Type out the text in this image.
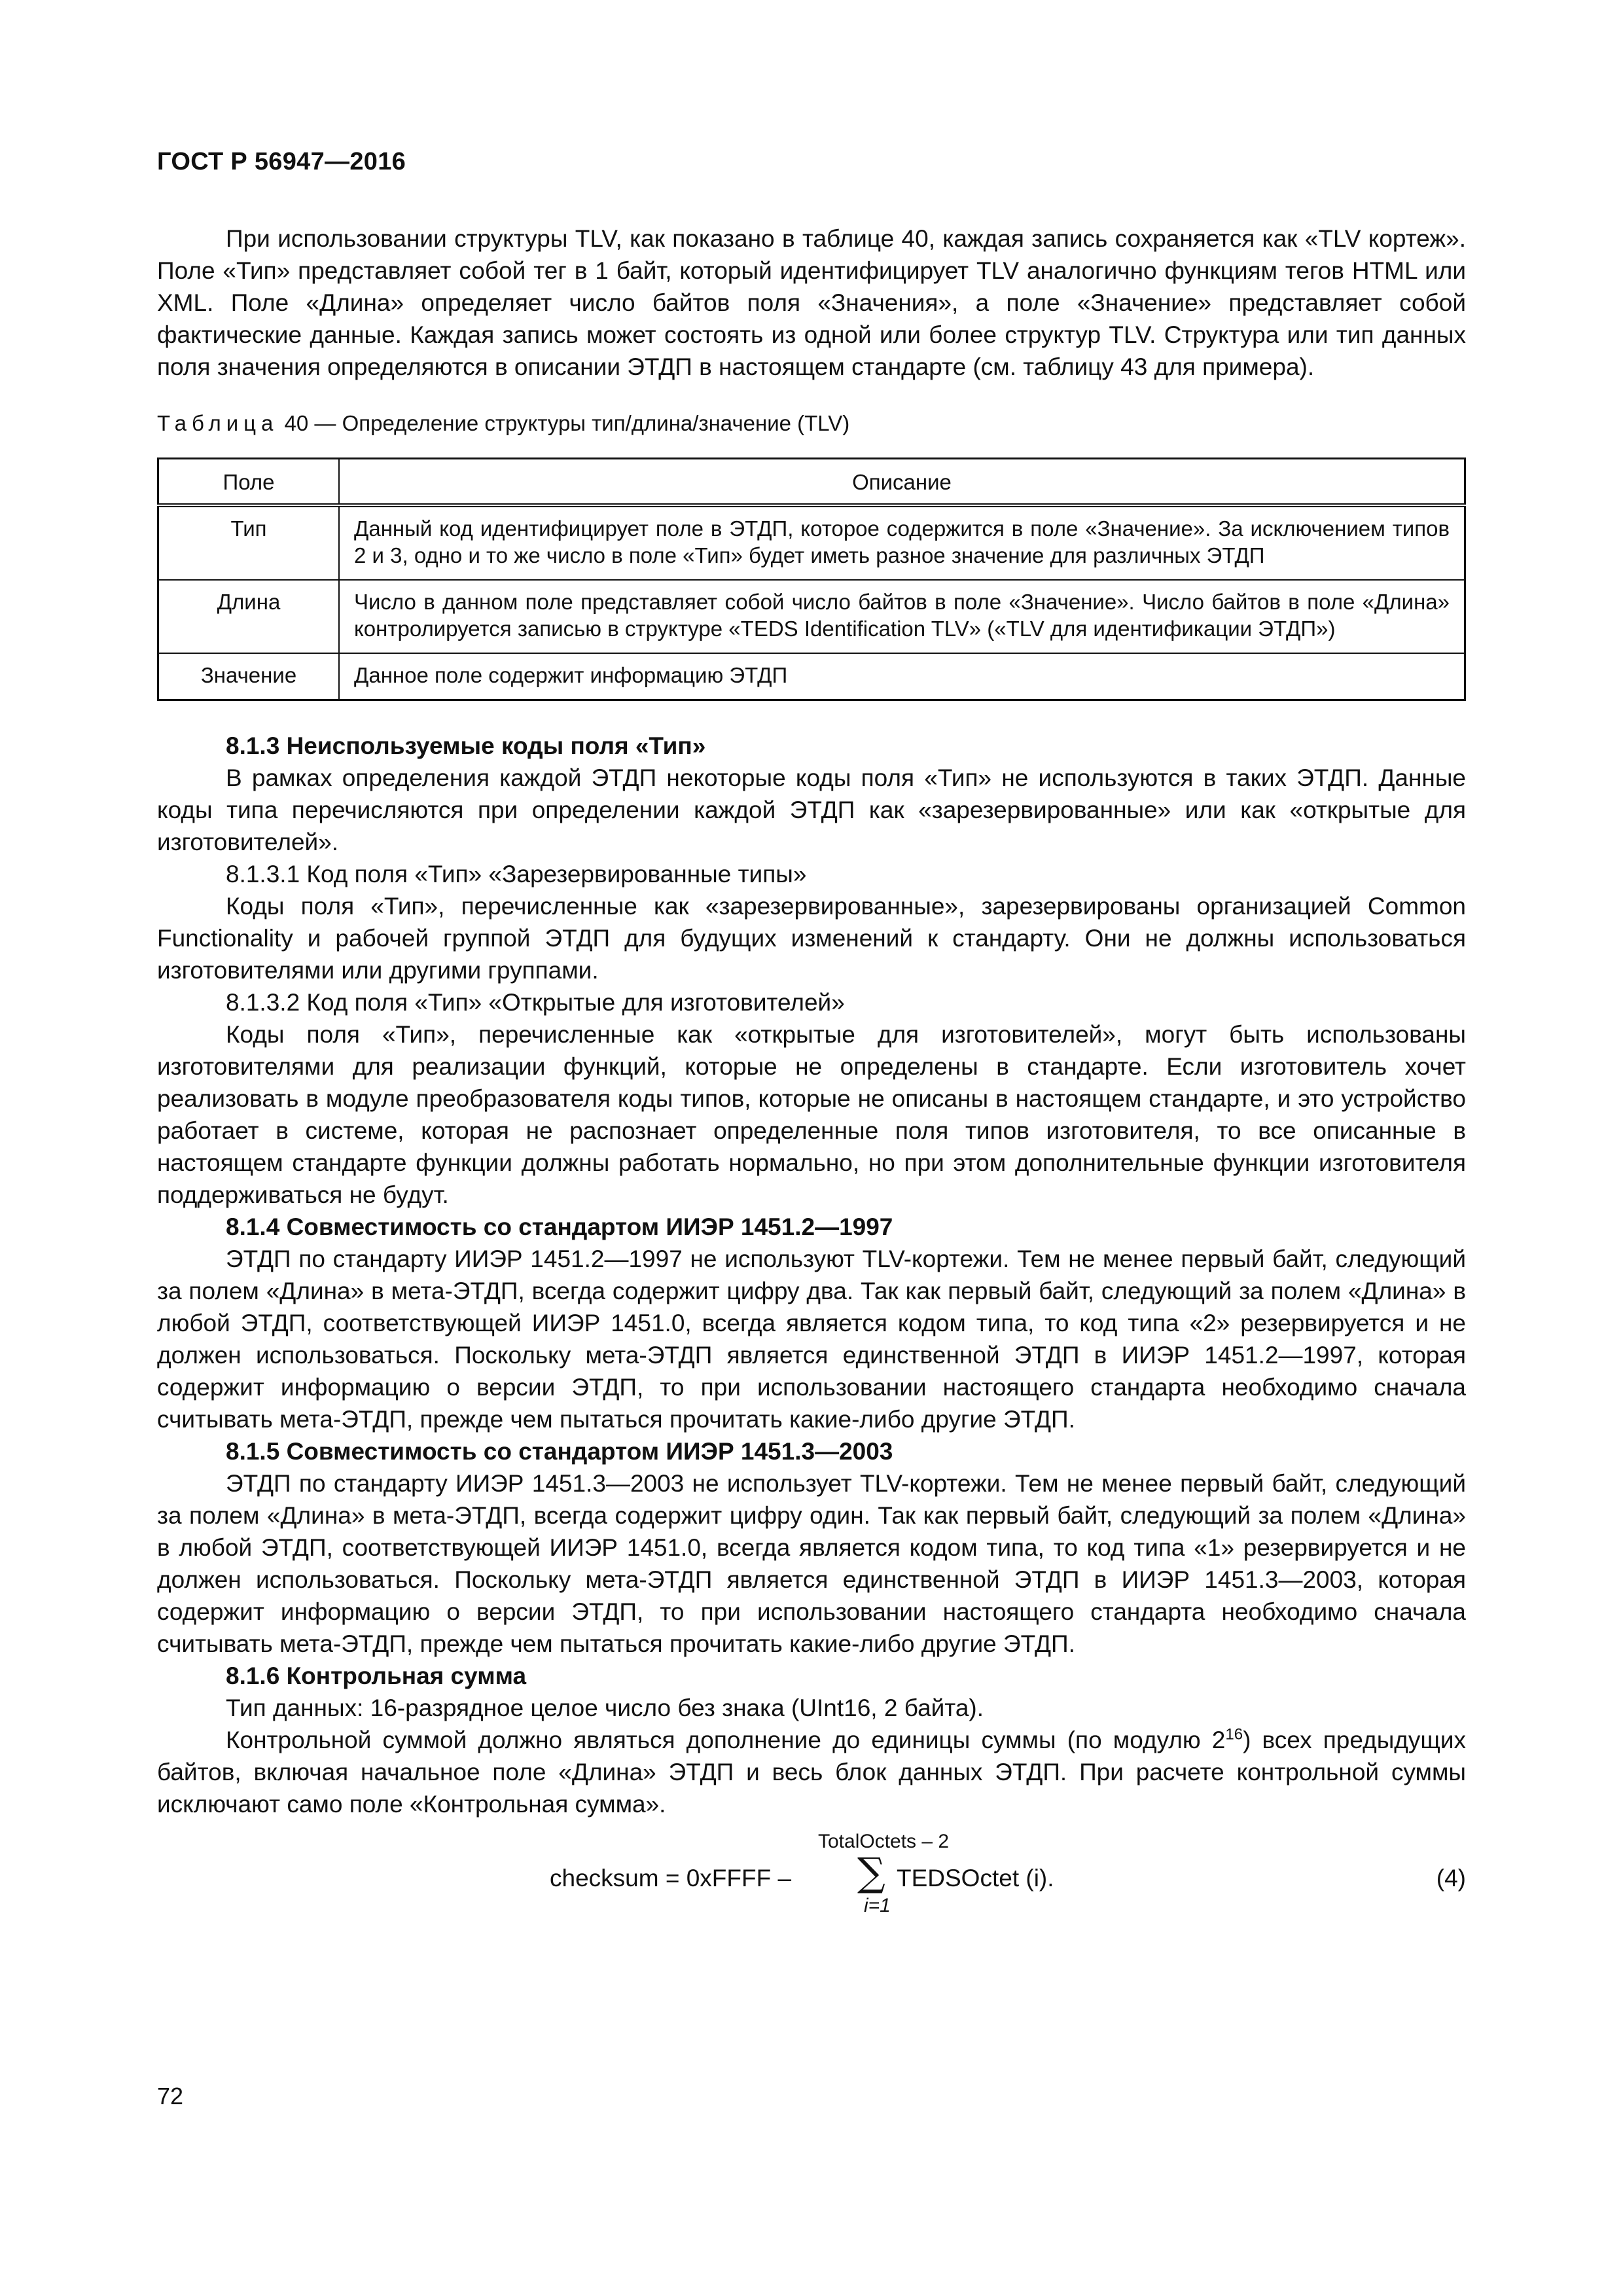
ГОСТ Р 56947—2016

При использовании структуры TLV, как показано в таблице 40, каждая запись сохраняется как «TLV кортеж». Поле «Тип» представляет собой тег в 1 байт, который идентифицирует TLV аналогично функциям тегов HTML или XML. Поле «Длина» определяет число байтов поля «Значения», а поле «Значение» представляет собой фактические данные. Каждая запись может состоять из одной или более структур TLV. Структура или тип данных поля значения определяются в описании ЭТДП в настоящем стандарте (см. таблицу 43 для примера).

Таблица 40 — Определение структуры тип/длина/значение (TLV)

Поле	Описание
Тип	Данный код идентифицирует поле в ЭТДП, которое содержится в поле «Значение». За исключением типов 2 и 3, одно и то же число в поле «Тип» будет иметь разное значение для различных ЭТДП
Длина	Число в данном поле представляет собой число байтов в поле «Значение». Число байтов в поле «Длина» контролируется записью в структуре «TEDS Identification TLV» («TLV для идентификации ЭТДП»)
Значение	Данное поле содержит информацию ЭТДП
8.1.3 Неиспользуемые коды поля «Тип»

В рамках определения каждой ЭТДП некоторые коды поля «Тип» не используются в таких ЭТДП. Данные коды типа перечисляются при определении каждой ЭТДП как «зарезервированные» или как «открытые для изготовителей».

8.1.3.1 Код поля «Тип» «Зарезервированные типы»

Коды поля «Тип», перечисленные как «зарезервированные», зарезервированы организацией Common Functionality и рабочей группой ЭТДП для будущих изменений к стандарту. Они не должны использоваться изготовителями или другими группами.

8.1.3.2 Код поля «Тип» «Открытые для изготовителей»

Коды поля «Тип», перечисленные как «открытые для изготовителей», могут быть использованы изготовителями для реализации функций, которые не определены в стандарте. Если изготовитель хочет реализовать в модуле преобразователя коды типов, которые не описаны в настоящем стандарте, и это устройство работает в системе, которая не распознает определенные поля типов изготовителя, то все описанные в настоящем стандарте функции должны работать нормально, но при этом дополнительные функции изготовителя поддерживаться не будут.

8.1.4 Совместимость со стандартом ИИЭР 1451.2—1997

ЭТДП по стандарту ИИЭР 1451.2—1997 не используют TLV-кортежи. Тем не менее первый байт, следующий за полем «Длина» в мета-ЭТДП, всегда содержит цифру два. Так как первый байт, следующий за полем «Длина» в любой ЭТДП, соответствующей ИИЭР 1451.0, всегда является кодом типа, то код типа «2» резервируется и не должен использоваться. Поскольку мета-ЭТДП является единственной ЭТДП в ИИЭР 1451.2—1997, которая содержит информацию о версии ЭТДП, то при использовании настоящего стандарта необходимо сначала считывать мета-ЭТДП, прежде чем пытаться прочитать какие-либо другие ЭТДП.

8.1.5 Совместимость со стандартом ИИЭР 1451.3—2003

ЭТДП по стандарту ИИЭР 1451.3—2003 не использует TLV-кортежи. Тем не менее первый байт, следующий за полем «Длина» в мета-ЭТДП, всегда содержит цифру один. Так как первый байт, следующий за полем «Длина» в любой ЭТДП, соответствующей ИИЭР 1451.0, всегда является кодом типа, то код типа «1» резервируется и не должен использоваться. Поскольку мета-ЭТДП является единственной ЭТДП в ИИЭР 1451.3—2003, которая содержит информацию о версии ЭТДП, то при использовании настоящего стандарта необходимо сначала считывать мета-ЭТДП, прежде чем пытаться прочитать какие-либо другие ЭТДП.

8.1.6 Контрольная сумма

Тип данных: 16-разрядное целое число без знака (UInt16, 2 байта).

Контрольной суммой должно являться дополнение до единицы суммы (по модулю $2^{16}$) всех предыдущих байтов, включая начальное поле «Длина» ЭТДП и весь блок данных ЭТДП. При расчете контрольной суммы исключают само поле «Контрольная сумма».

checksum = 0xFFFF –
TotalOctets – 2
∑
i=1
TEDSOctet (i).	(4)
72
